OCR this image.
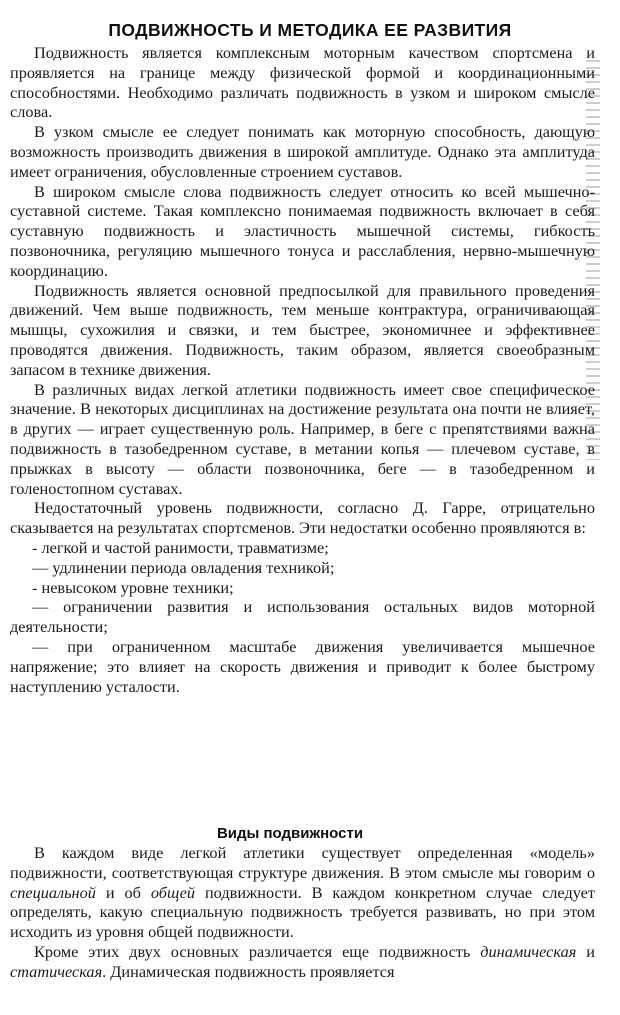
ПОДВИЖНОСТЬ И МЕТОДИКА ЕЕ РАЗВИТИЯ

Подвижность является комплексным моторным качеством спортсмена и проявляется на границе между физической формой и координационными способностями. Необходимо различать подвижность в узком и широком смысле слова.

В узком смысле ее следует понимать как моторную способность, дающую возможность производить движения в широкой амплитуде. Однако эта амплитуда имеет ограничения, обусловленные строением суставов.

В широком смысле слова подвижность следует относить ко всей мышечно-суставной системе. Такая комплексно понимаемая подвижность включает в себя суставную подвижность и эластичность мышечной системы, гибкость позвоночника, регуляцию мышечного тонуса и расслабления, нервно-мышечную координацию.

Подвижность является основной предпосылкой для правильного проведения движений. Чем выше подвижность, тем меньше контрактура, ограничивающая мышцы, сухожилия и связки, и тем быстрее, экономичнее и эффективнее проводятся движения. Подвижность, таким образом, является своеобразным запасом в технике движения.

В различных видах легкой атлетики подвижность имеет свое специфическое значение. В некоторых дисциплинах на достижение результата она почти не влияет, в других — играет существенную роль. Например, в беге с препятствиями важна подвижность в тазобедренном суставе, в метании копья — плечевом суставе, в прыжках в высоту — области позвоночника, беге — в тазобедренном и голеностопном суставах.

Недостаточный уровень подвижности, согласно Д. Гарре, отрицательно сказывается на результатах спортсменов. Эти недостатки особенно проявляются в:

- легкой и частой ранимости, травматизме;

— удлинении периода овладения техникой;

- невысоком уровне техники;

— ограничении развития и использования остальных видов моторной деятельности;

— при ограниченном масштабе движения увеличивается мышечное напряжение; это влияет на скорость движения и приводит к более быстрому наступлению усталости.

Виды подвижности

В каждом виде легкой атлетики существует определенная «модель» подвижности, соответствующая структуре движения. В этом смысле мы говорим о специальной и об общей подвижности. В каждом конкретном случае следует определять, какую специальную подвижность требуется развивать, но при этом исходить из уровня общей подвижности.

Кроме этих двух основных различается еще подвижность динамическая и статическая. Динамическая подвижность проявляется
